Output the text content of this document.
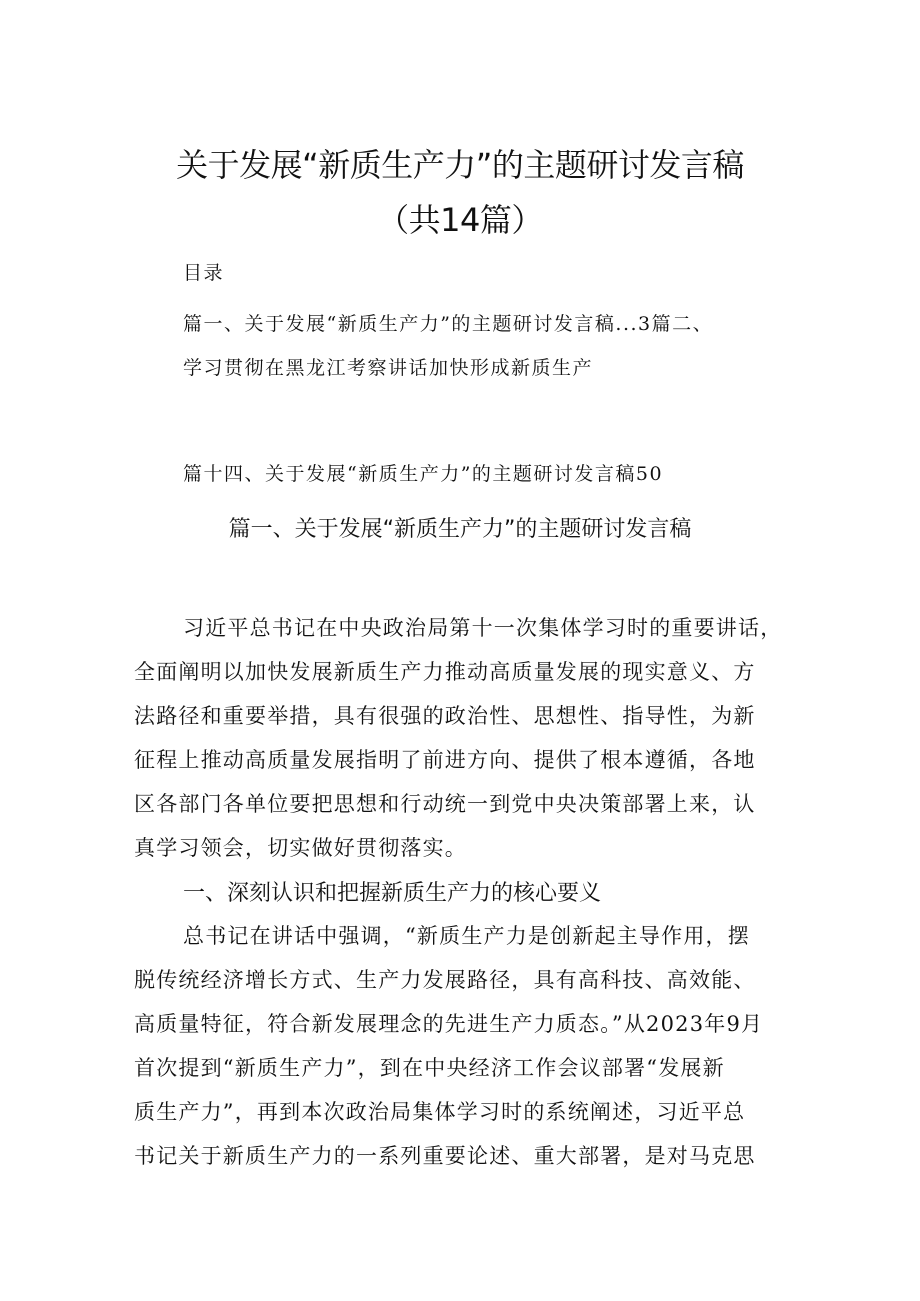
关于发展“新质生产力”的主题研讨发言稿
（共14篇）
目录
篇一、关于发展“新质生产力”的主题研讨发言稿...3篇二、
学习贯彻在黑龙江考察讲话加快形成新质生产
篇十四、关于发展“新质生产力”的主题研讨发言稿50
篇一、关于发展“新质生产力”的主题研讨发言稿
习近平总书记在中央政治局第十一次集体学习时的重要讲话，
全面阐明以加快发展新质生产力推动高质量发展的现实意义、方
法路径和重要举措，具有很强的政治性、思想性、指导性，为新
征程上推动高质量发展指明了前进方向、提供了根本遵循，各地
区各部门各单位要把思想和行动统一到党中央决策部署上来，认
真学习领会，切实做好贯彻落实。
一、深刻认识和把握新质生产力的核心要义
总书记在讲话中强调，“新质生产力是创新起主导作用，摆
脱传统经济增长方式、生产力发展路径，具有高科技、高效能、
高质量特征，符合新发展理念的先进生产力质态。”从2023年9月
首次提到“新质生产力”，到在中央经济工作会议部署“发展新
质生产力”，再到本次政治局集体学习时的系统阐述，习近平总
书记关于新质生产力的一系列重要论述、重大部署，是对马克思
